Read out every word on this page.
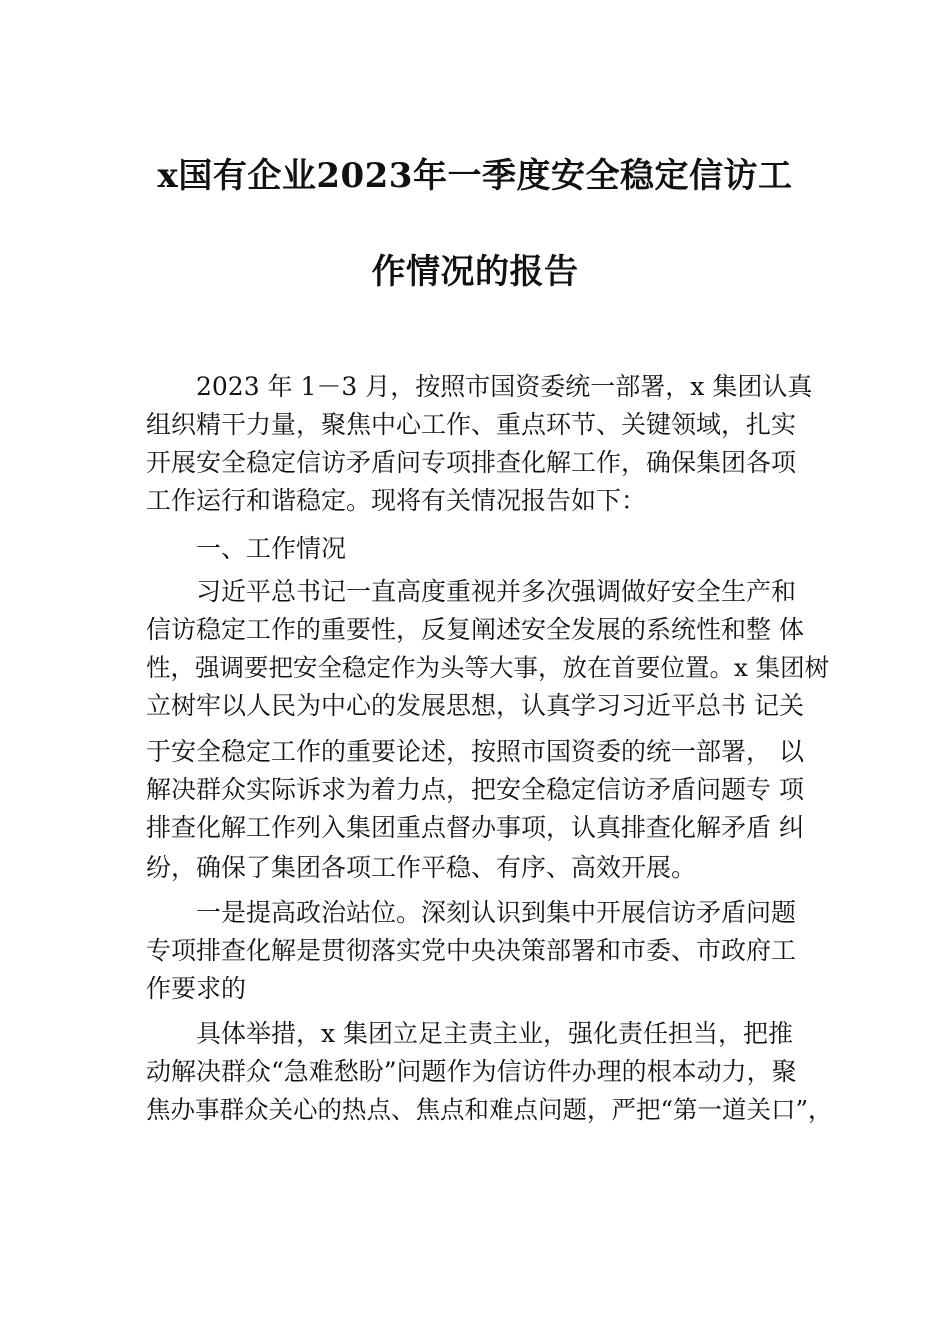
x国有企业2023年一季度安全稳定信访工
作情况的报告
2023 年 1－3 月，按照市国资委统一部署，x 集团认真
组织精干力量，聚焦中心工作、重点环节、关键领域，扎实
开展安全稳定信访矛盾问专项排查化解工作，确保集团各项
工作运行和谐稳定。现将有关情况报告如下：
一、工作情况
习近平总书记一直高度重视并多次强调做好安全生产和
信访稳定工作的重要性，反复阐述安全发展的系统性和整 体
性，强调要把安全稳定作为头等大事，放在首要位置。x 集团树
立树牢以人民为中心的发展思想，认真学习习近平总书 记关
于安全稳定工作的重要论述，按照市国资委的统一部署， 以
解决群众实际诉求为着力点，把安全稳定信访矛盾问题专 项
排查化解工作列入集团重点督办事项，认真排查化解矛盾 纠
纷，确保了集团各项工作平稳、有序、高效开展。
一是提高政治站位。深刻认识到集中开展信访矛盾问题
专项排查化解是贯彻落实党中央决策部署和市委、市政府工
作要求的
具体举措，x 集团立足主责主业，强化责任担当，把推
动解决群众“急难愁盼”问题作为信访件办理的根本动力，聚
焦办事群众关心的热点、焦点和难点问题，严把“第一道关口”，
